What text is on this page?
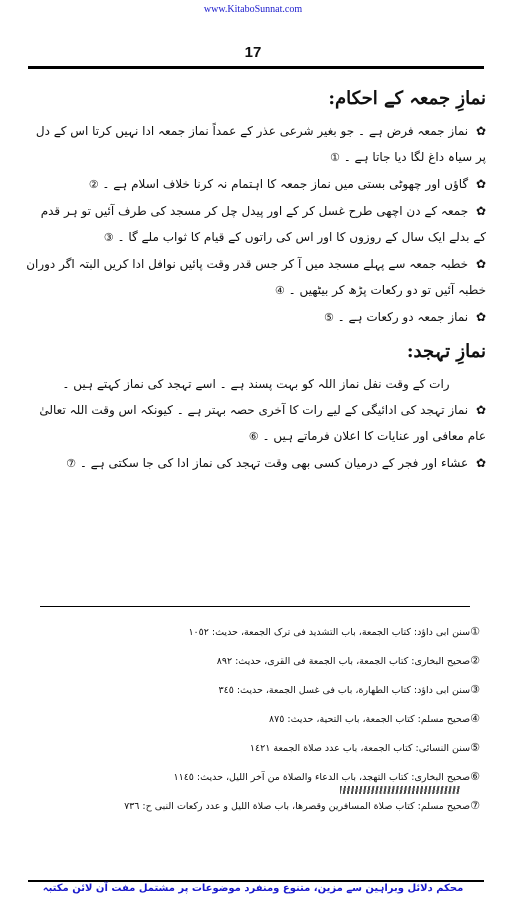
www.KitaboSunnat.com
17
نمازِ جمعہ کے احکام:

✿ نماز جمعہ فرض ہے ۔ جو بغیر شرعی عذر کے عمداً نماز جمعہ ادا نہیں کرتا اس کے دل پر سیاہ داغ لگا دیا جاتا ہے ۔ ①

✿ گاؤں اور چھوٹی بستی میں نماز جمعہ کا اہتمام نہ کرنا خلاف اسلام ہے ۔ ②

✿ جمعہ کے دن اچھی طرح غسل کر کے اور پیدل چل کر مسجد کی طرف آئیں تو ہر قدم کے بدلے ایک سال کے روزوں کا اور اس کی راتوں کے قیام کا ثواب ملے گا ۔ ③

✿ خطبہ جمعہ سے پہلے مسجد میں آ کر جس قدر وقت پائیں نوافل ادا کریں البتہ اگر دوران خطبہ آئیں تو دو رکعات پڑھ کر بیٹھیں ۔ ④

✿ نماز جمعہ دو رکعات ہے ۔ ⑤

نمازِ تہجد:

رات کے وقت نفل نماز اللہ کو بہت پسند ہے ۔ اسے تہجد کی نماز کہتے ہیں ۔

✿ نماز تہجد کی ادائیگی کے لیے رات کا آخری حصہ بہتر ہے ۔ کیونکہ اس وقت اللہ تعالیٰ عام معافی اور عنایات کا اعلان فرماتے ہیں ۔ ⑥

✿ عشاء اور فجر کے درمیان کسی بھی وقت تہجد کی نماز ادا کی جا سکتی ہے ۔ ⑦

①سنن ابی داؤد: کتاب الجمعة، باب التشدید فی ترک الجمعة، حدیث: ١٠٥٢
②صحیح البخاری: کتاب الجمعة، باب الجمعة فی القری، حدیث: ٨٩٢
③سنن ابی داؤد: کتاب الطھارة، باب فی غسل الجمعة، حدیث: ٣٤٥
④صحیح مسلم: کتاب الجمعة، باب التحیة، حدیث: ٨٧٥
⑤سنن النسائی: کتاب الجمعة، باب عدد صلاة الجمعة ١٤٢١
⑥صحیح البخاری: کتاب التھجد، باب الدعاء والصلاة من آخر اللیل، حدیث: ١١٤٥
⑦صحیح مسلم: کتاب صلاة المسافرین وقصرھا، باب صلاة اللیل و عدد رکعات النبی ح: ٧٣٦
محکم دلائل وبراہین سے مزین، متنوع ومنفرد موضوعات پر مشتمل مفت آن لائن مکتبہ
